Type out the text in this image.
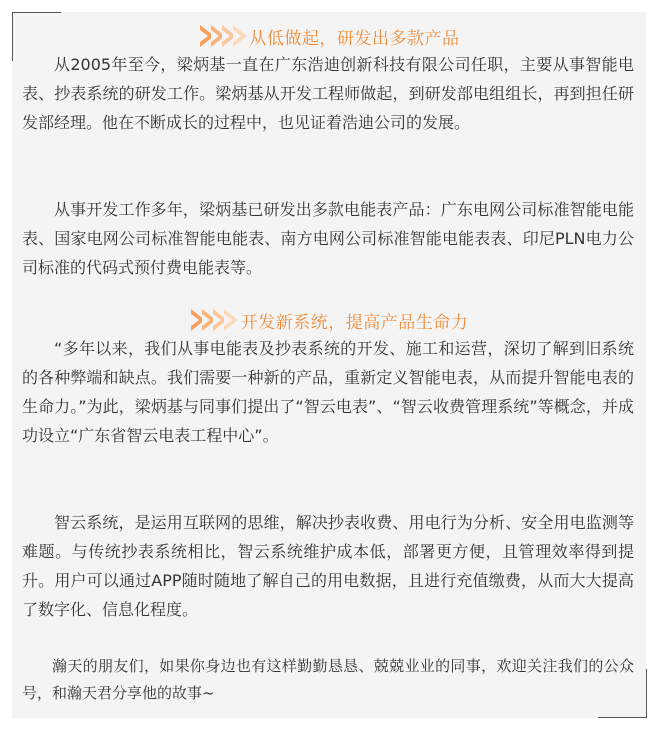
从低做起，研发出多款产品

从2005年至今，梁炳基一直在广东浩迪创新科技有限公司任职，主要从事智能电表、抄表系统的研发工作。梁炳基从开发工程师做起，到研发部电组组长，再到担任研发部经理。他在不断成长的过程中，也见证着浩迪公司的发展。

从事开发工作多年，梁炳基已研发出多款电能表产品：广东电网公司标准智能电能表、国家电网公司标准智能电能表、南方电网公司标准智能电能表表、印尼PLN电力公司标准的代码式预付费电能表等。

开发新系统，提高产品生命力

“多年以来，我们从事电能表及抄表系统的开发、施工和运营，深切了解到旧系统的各种弊端和缺点。我们需要一种新的产品，重新定义智能电表，从而提升智能电表的生命力。”为此，梁炳基与同事们提出了“智云电表”、“智云收费管理系统”等概念，并成功设立“广东省智云电表工程中心”。

智云系统，是运用互联网的思维，解决抄表收费、用电行为分析、安全用电监测等难题。与传统抄表系统相比，智云系统维护成本低，部署更方便，且管理效率得到提升。用户可以通过APP随时随地了解自己的用电数据，且进行充值缴费，从而大大提高了数字化、信息化程度。

瀚天的朋友们，如果你身边也有这样勤勤恳恳、兢兢业业的同事，欢迎关注我们的公众号，和瀚天君分享他的故事~
